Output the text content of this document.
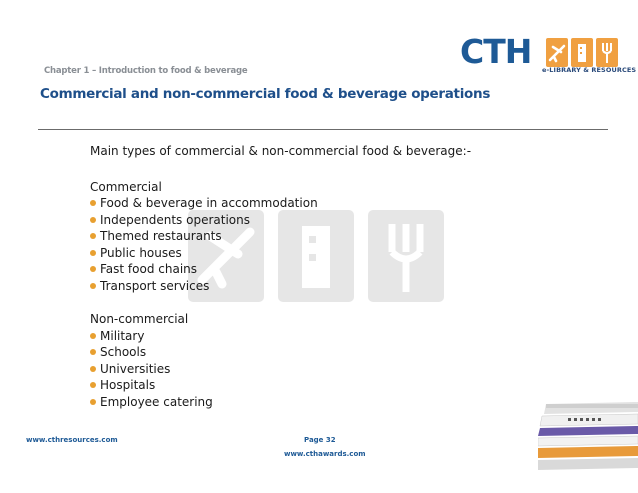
Chapter 1 – Introduction to food & beverage
Commercial and non-commercial food & beverage operations
CTH e-LIBRARY & RESOURCES
Main types of commercial & non-commercial food & beverage:-
Commercial
Food & beverage in accommodation
Independents operations
Themed restaurants
Public houses
Fast food chains
Transport services
Non-commercial
Military
Schools
Universities
Hospitals
Employee catering
www.cthresources.com	Page 32
www.cthawards.com
